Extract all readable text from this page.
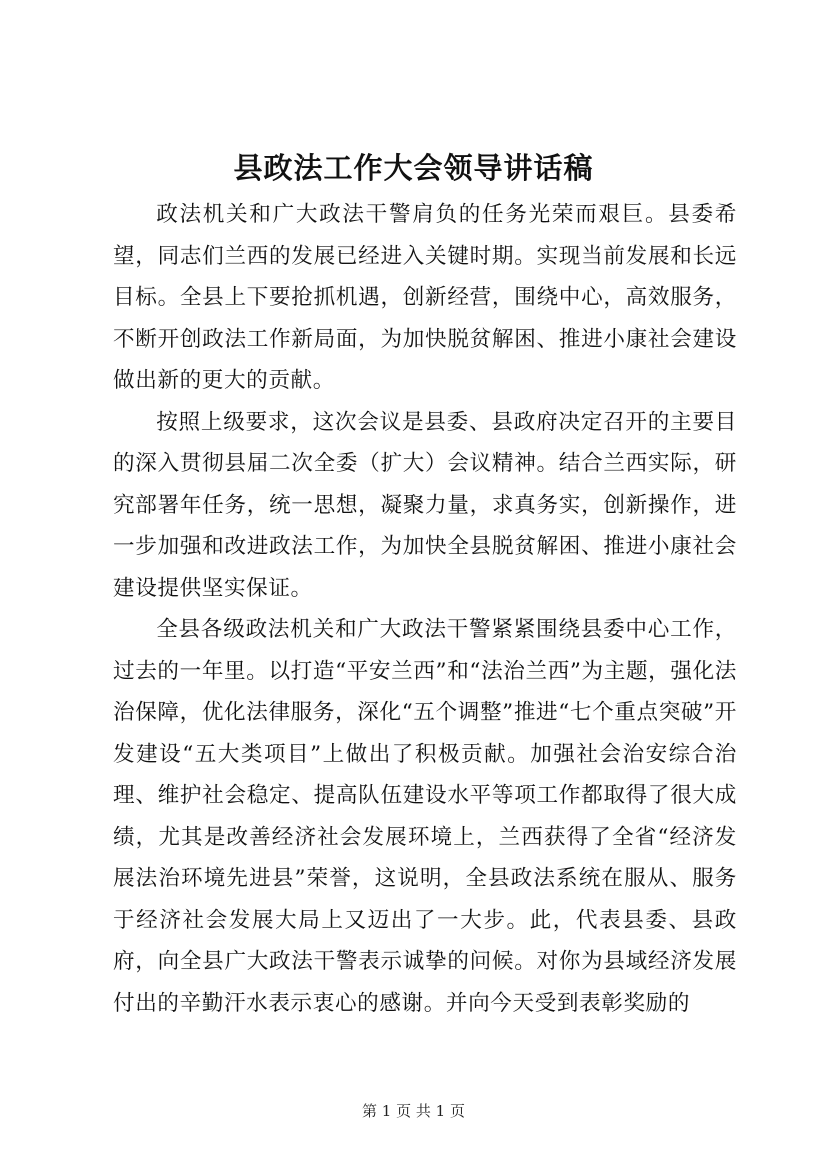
县政法工作大会领导讲话稿

政法机关和广大政法干警肩负的任务光荣而艰巨。县委希望，同志们兰西的发展已经进入关键时期。实现当前发展和长远目标。全县上下要抢抓机遇，创新经营，围绕中心，高效服务，不断开创政法工作新局面，为加快脱贫解困、推进小康社会建设做出新的更大的贡献。

按照上级要求，这次会议是县委、县政府决定召开的主要目的深入贯彻县届二次全委（扩大）会议精神。结合兰西实际，研究部署年任务，统一思想，凝聚力量，求真务实，创新操作，进一步加强和改进政法工作，为加快全县脱贫解困、推进小康社会建设提供坚实保证。

全县各级政法机关和广大政法干警紧紧围绕县委中心工作，过去的一年里。以打造“平安兰西”和“法治兰西”为主题，强化法治保障，优化法律服务，深化“五个调整”推进“七个重点突破”开发建设“五大类项目”上做出了积极贡献。加强社会治安综合治理、维护社会稳定、提高队伍建设水平等项工作都取得了很大成绩，尤其是改善经济社会发展环境上，兰西获得了全省“经济发展法治环境先进县”荣誉，这说明，全县政法系统在服从、服务于经济社会发展大局上又迈出了一大步。此，代表县委、县政府，向全县广大政法干警表示诚挚的问候。对你为县域经济发展付出的辛勤汗水表示衷心的感谢。并向今天受到表彰奖励的

第 1 页 共 1 页
